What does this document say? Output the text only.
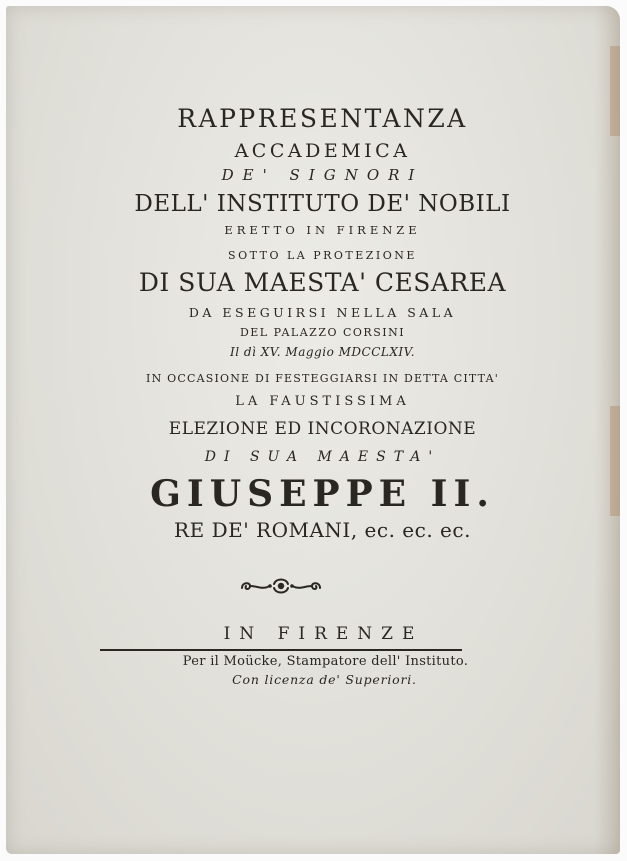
RAPPRESENTANZA
ACCADEMICA
DE' SIGNORI
DELL' INSTITUTO DE' NOBILI
ERETTO IN FIRENZE
SOTTO LA PROTEZIONE
DI SUA MAESTA' CESAREA
DA ESEGUIRSI NELLA SALA
DEL PALAZZO CORSINI
Il dì XV. Maggio MDCCLXIV.
IN OCCASIONE DI FESTEGGIARSI IN DETTA CITTA'
LA FAUSTISSIMA
ELEZIONE ED INCORONAZIONE
DI SUA MAESTA'
GIUSEPPE II.
RE DE' ROMANI, ec. ec. ec.
IN FIRENZE
Per il Moücke, Stampatore dell' Instituto.
Con licenza de' Superiori.
